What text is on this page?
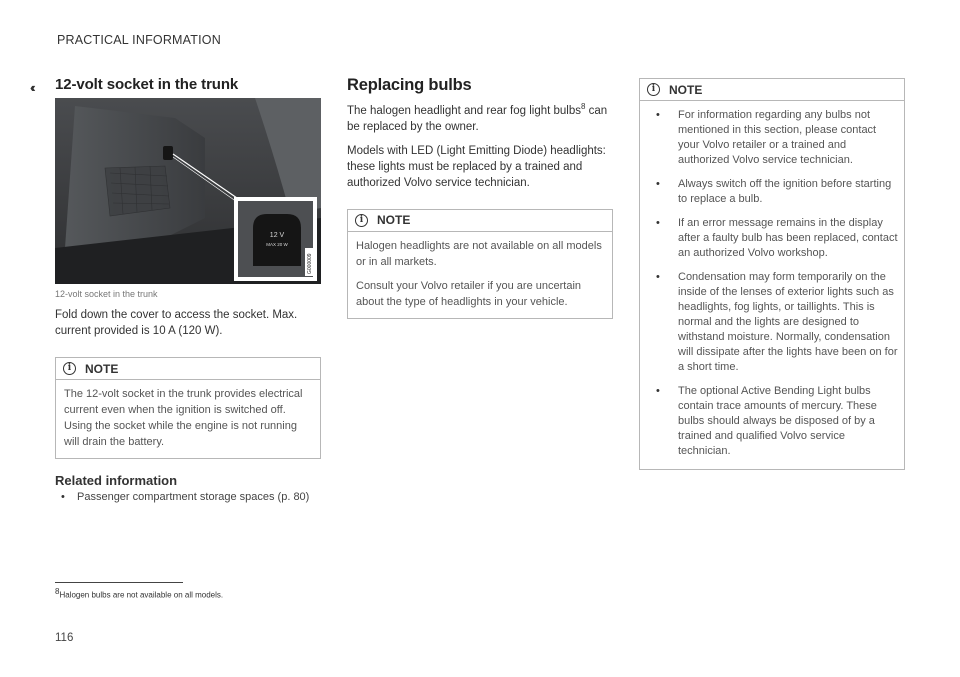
PRACTICAL INFORMATION
‹‹ 12-volt socket in the trunk
12 V
MAX 20 W
G000009
12-volt socket in the trunk

Fold down the cover to access the socket. Max. current provided is 10 A (120 W).

i	NOTE
The 12-volt socket in the trunk provides electrical current even when the ignition is switched off. Using the socket while the engine is not running will drain the battery.
Related information
• Passenger compartment storage spaces (p. 80)
Replacing bulbs

The halogen headlight and rear fog light bulbs$^8$ can be replaced by the owner.

Models with LED (Light Emitting Diode) headlights: these lights must be replaced by a trained and authorized Volvo service technician.

i	NOTE

Halogen headlights are not available on all models or in all markets.

Consult your Volvo retailer if you are uncertain about the type of headlights in your vehicle.

i	NOTE
• For information regarding any bulbs not mentioned in this section, please contact your Volvo retailer or a trained and authorized Volvo service technician.
• Always switch off the ignition before starting to replace a bulb.
• If an error message remains in the display after a faulty bulb has been replaced, contact an authorized Volvo workshop.
• Condensation may form temporarily on the inside of the lenses of exterior lights such as headlights, fog lights, or taillights. This is normal and the lights are designed to withstand moisture. Normally, condensation will dissipate after the lights have been on for a short time.
• The optional Active Bending Light bulbs contain trace amounts of mercury. These bulbs should always be disposed of by a trained and qualified Volvo service technician.
$^8$Halogen bulbs are not available on all models.
116
